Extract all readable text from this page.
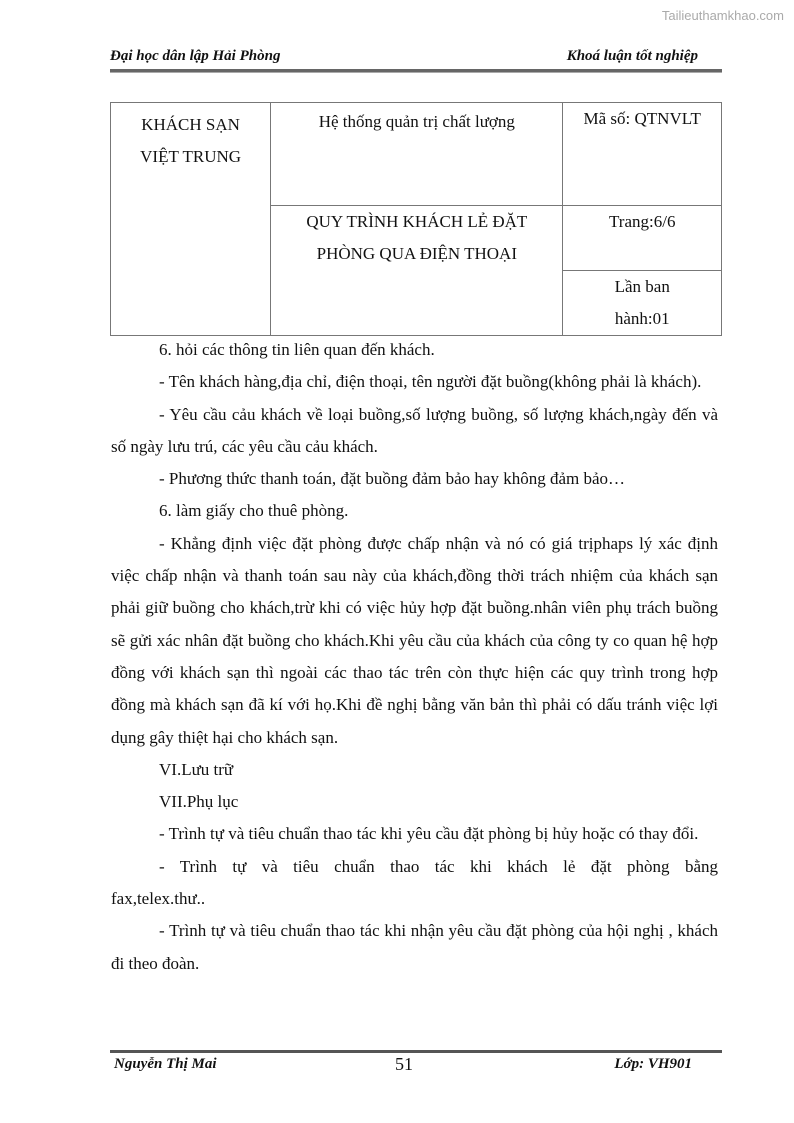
Tailieuthamkhao.com
Đại học dân lập Hải Phòng	Khoá luận tốt nghiệp
KHÁCH SẠN VIỆT TRUNG	Hệ thống quản trị chất lượng	Mã số: QTNVLT
	QUY TRÌNH KHÁCH LẺ ĐẶT PHÒNG QUA ĐIỆN THOẠI	Trang:6/6
		Lần ban hành:01

6. hỏi các thông tin liên quan đến khách.

- Tên khách hàng,địa chỉ, điện thoại, tên người đặt buồng(không phải là khách).

- Yêu cầu cảu khách về loại buồng,số lượng buồng, số lượng khách,ngày đến và số ngày lưu trú, các yêu cầu cảu khách.

- Phương thức thanh toán, đặt buồng đảm bảo hay không đảm bảo…

6. làm giấy cho thuê phòng.

- Khẳng định việc đặt phòng được chấp nhận và nó có giá trịphaps lý xác định việc chấp nhận và thanh toán sau này của khách,đồng thời trách nhiệm của khách sạn phải giữ buồng cho khách,trừ khi có việc hủy hợp đặt buồng.nhân viên phụ trách buồng sẽ gửi xác nhân đặt buồng cho khách.Khi yêu cầu của khách của công ty co quan hệ hợp đồng với khách sạn thì ngoài các thao tác trên còn thực hiện các quy trình trong hợp đồng mà khách sạn đã kí với họ.Khi đề nghị bằng văn bản thì phải có dấu tránh việc lợi dụng gây thiệt hại cho khách sạn.

VI.Lưu trữ

VII.Phụ lục

- Trình tự và tiêu chuẩn thao tác khi yêu cầu đặt phòng bị hủy hoặc có thay đổi.

- Trình tự và tiêu chuẩn thao tác khi khách lẻ đặt phòng bằng fax,telex.thư..

- Trình tự và tiêu chuẩn thao tác khi nhận yêu cầu đặt phòng của hội nghị , khách đi theo đoàn.

Nguyễn Thị Mai	51	Lớp: VH901
